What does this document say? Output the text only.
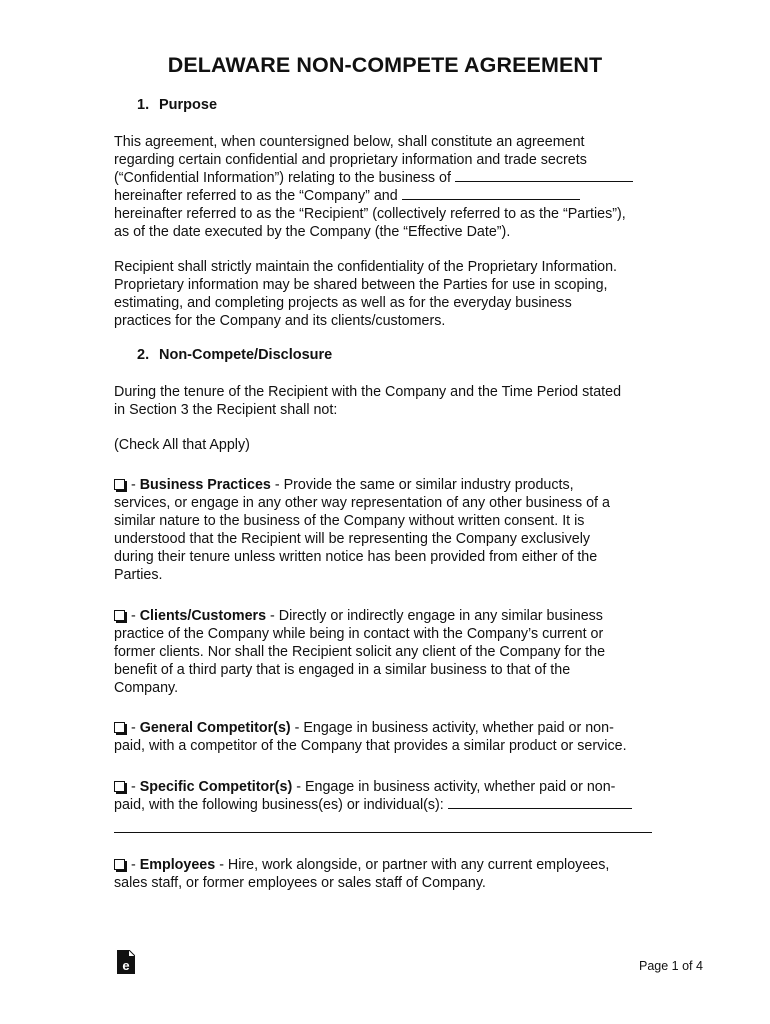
DELAWARE NON-COMPETE AGREEMENT
1. Purpose
This agreement, when countersigned below, shall constitute an agreement
regarding certain confidential and proprietary information and trade secrets
(“Confidential Information”) relating to the business of
hereinafter referred to as the “Company” and
hereinafter referred to as the “Recipient” (collectively referred to as the “Parties”),
as of the date executed by the Company (the “Effective Date”).
Recipient shall strictly maintain the confidentiality of the Proprietary Information.
Proprietary information may be shared between the Parties for use in scoping,
estimating, and completing projects as well as for the everyday business
practices for the Company and its clients/customers.
2. Non-Compete/Disclosure
During the tenure of the Recipient with the Company and the Time Period stated
in Section 3 the Recipient shall not:
(Check All that Apply)
- Business Practices - Provide the same or similar industry products,
services, or engage in any other way representation of any other business of a
similar nature to the business of the Company without written consent. It is
understood that the Recipient will be representing the Company exclusively
during their tenure unless written notice has been provided from either of the
Parties.
- Clients/Customers - Directly or indirectly engage in any similar business
practice of the Company while being in contact with the Company’s current or
former clients. Nor shall the Recipient solicit any client of the Company for the
benefit of a third party that is engaged in a similar business to that of the
Company.
- General Competitor(s) - Engage in business activity, whether paid or non-
paid, with a competitor of the Company that provides a similar product or service.
- Specific Competitor(s) - Engage in business activity, whether paid or non-
paid, with the following business(es) or individual(s):
- Employees - Hire, work alongside, or partner with any current employees,
sales staff, or former employees or sales staff of Company.
e	Page 1 of 4
